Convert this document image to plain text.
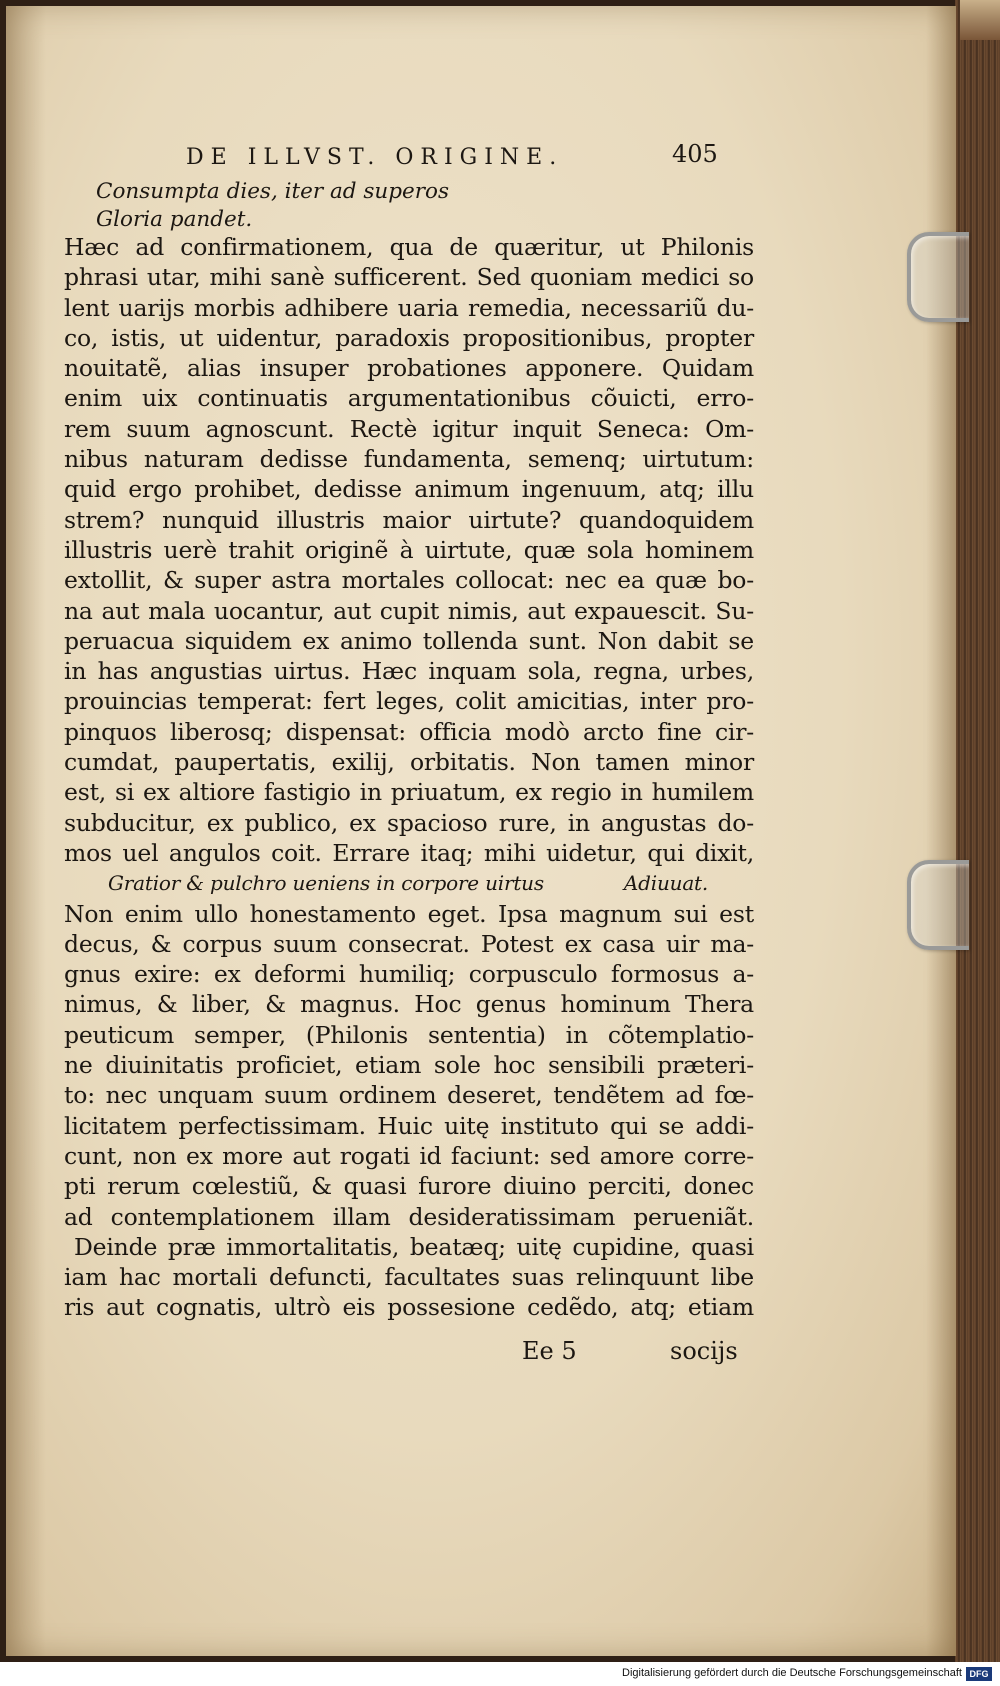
DE ILLVST. ORIGINE.	405
Consumpta dies, iter ad superos
Gloria pandet.
Hæc ad confirmationem, qua de quæritur, ut Philonis
phrasi utar, mihi sanè sufficerent. Sed quoniam medici so
lent uarijs morbis adhibere uaria remedia, necessariũ du-
co, istis, ut uidentur, paradoxis propositionibus, propter
nouitatẽ, alias insuper probationes apponere. Quidam
enim uix continuatis argumentationibus cõuicti, erro-
rem suum agnoscunt. Rectè igitur inquit Seneca: Om-
nibus naturam dedisse fundamenta, semenq; uirtutum:
quid ergo prohibet, dedisse animum ingenuum, atq; illu
strem? nunquid illustris maior uirtute? quandoquidem
illustris uerè trahit originẽ à uirtute, quæ sola hominem
extollit, & super astra mortales collocat: nec ea quæ bo-
na aut mala uocantur, aut cupit nimis, aut expauescit. Su-
peruacua siquidem ex animo tollenda sunt. Non dabit se
in has angustias uirtus. Hæc inquam sola, regna, urbes,
prouincias temperat: fert leges, colit amicitias, inter pro-
pinquos liberosq; dispensat: officia modò arcto fine cir-
cumdat, paupertatis, exilij, orbitatis. Non tamen minor
est, si ex altiore fastigio in priuatum, ex regio in humilem
subducitur, ex publico, ex spacioso rure, in angustas do-
mos uel angulos coit. Errare itaq; mihi uidetur, qui dixit,
Gratior & pulchro ueniens in corpore uirtus	Adiuuat.
Non enim ullo honestamento eget. Ipsa magnum sui est
decus, & corpus suum consecrat. Potest ex casa uir ma-
gnus exire: ex deformi humiliq; corpusculo formosus a-
nimus, & liber, & magnus. Hoc genus hominum Thera
peuticum semper, (Philonis sententia) in cõtemplatio-
ne diuinitatis proficiet, etiam sole hoc sensibili præteri-
to: nec unquam suum ordinem deseret, tendẽtem ad fœ-
licitatem perfectissimam. Huic uitę instituto qui se addi-
cunt, non ex more aut rogati id faciunt: sed amore corre-
pti rerum cœlestiũ, & quasi furore diuino perciti, donec
ad contemplationem illam desideratissimam perueniãt.
Deinde præ immortalitatis, beatæq; uitę cupidine, quasi
iam hac mortali defuncti, facultates suas relinquunt libe
ris aut cognatis, ultrò eis possesione cedẽdo, atq; etiam
Ee 5	socijs
Digitalisierung gefördert durch die Deutsche Forschungsgemeinschaft DFG
